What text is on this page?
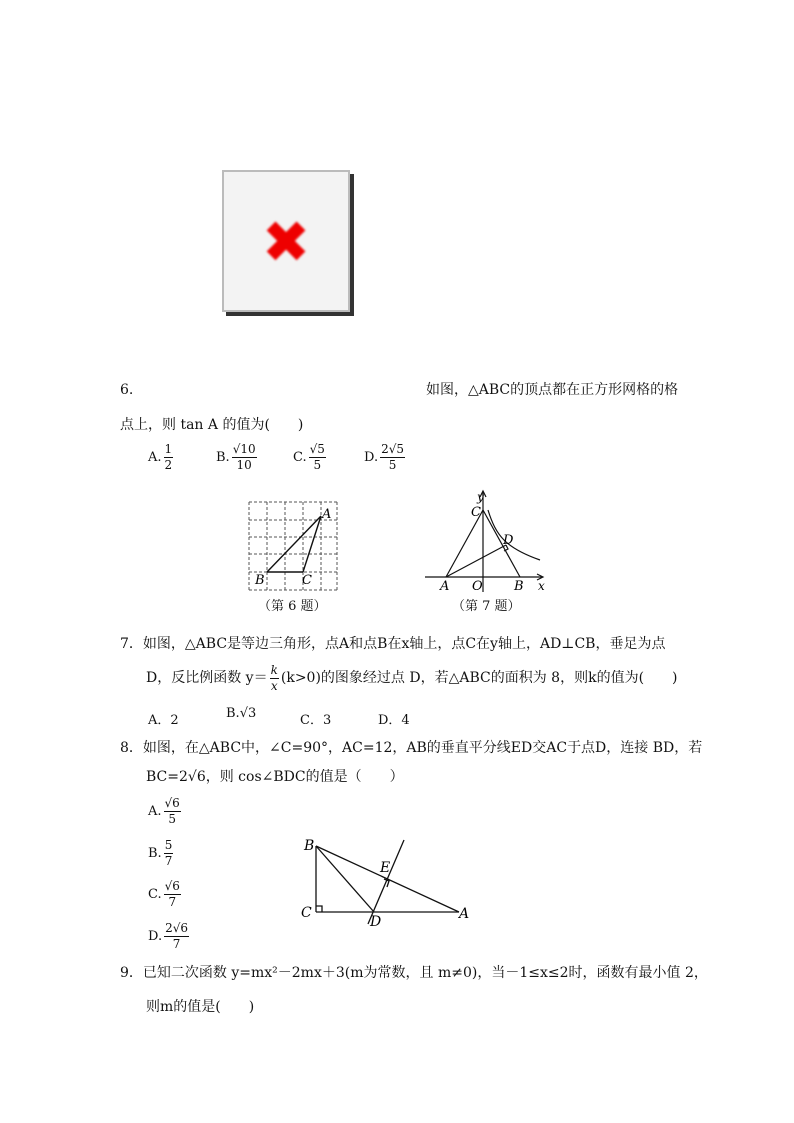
✖
6.	如图，△ABC的顶点都在正方形网格的格
点上，则 tan A 的值为(　　)
A. $\frac{1}{2}$	B. $\frac{√10}{10}$	C. $\frac{√5}{5}$	D. $\frac{2√5}{5}$
A
B	C
（第 6 题）
y
x
C
D
A O B
（第 7 题）
7．如图，△ABC是等边三角形，点A和点B在x轴上，点C在y轴上，AD⊥CB，垂足为点
D，反比例函数 $y= \frac{k}{x} (k>0)$的图象经过点 D，若△ABC的面积为 8，则k的值为(　　)
A．2	B. √3	C．3	D．4
8．如图，在△ABC中，∠C=90°，AC=12，AB的垂直平分线ED交AC于点D，连接 BD，若
BC=2√6，则 cos∠BDC的值是（　　）
A. $\frac{√6}{5}$
B. $\frac{5}{7}$
C. $\frac{√6}{7}$
D. $\frac{2√6}{7}$
B
E
C
D	A
9．已知二次函数 y=mx²－2mx＋3(m为常数，且 m≠0)，当－1≤x≤2时，函数有最小值 2，
则m的值是(　　)
